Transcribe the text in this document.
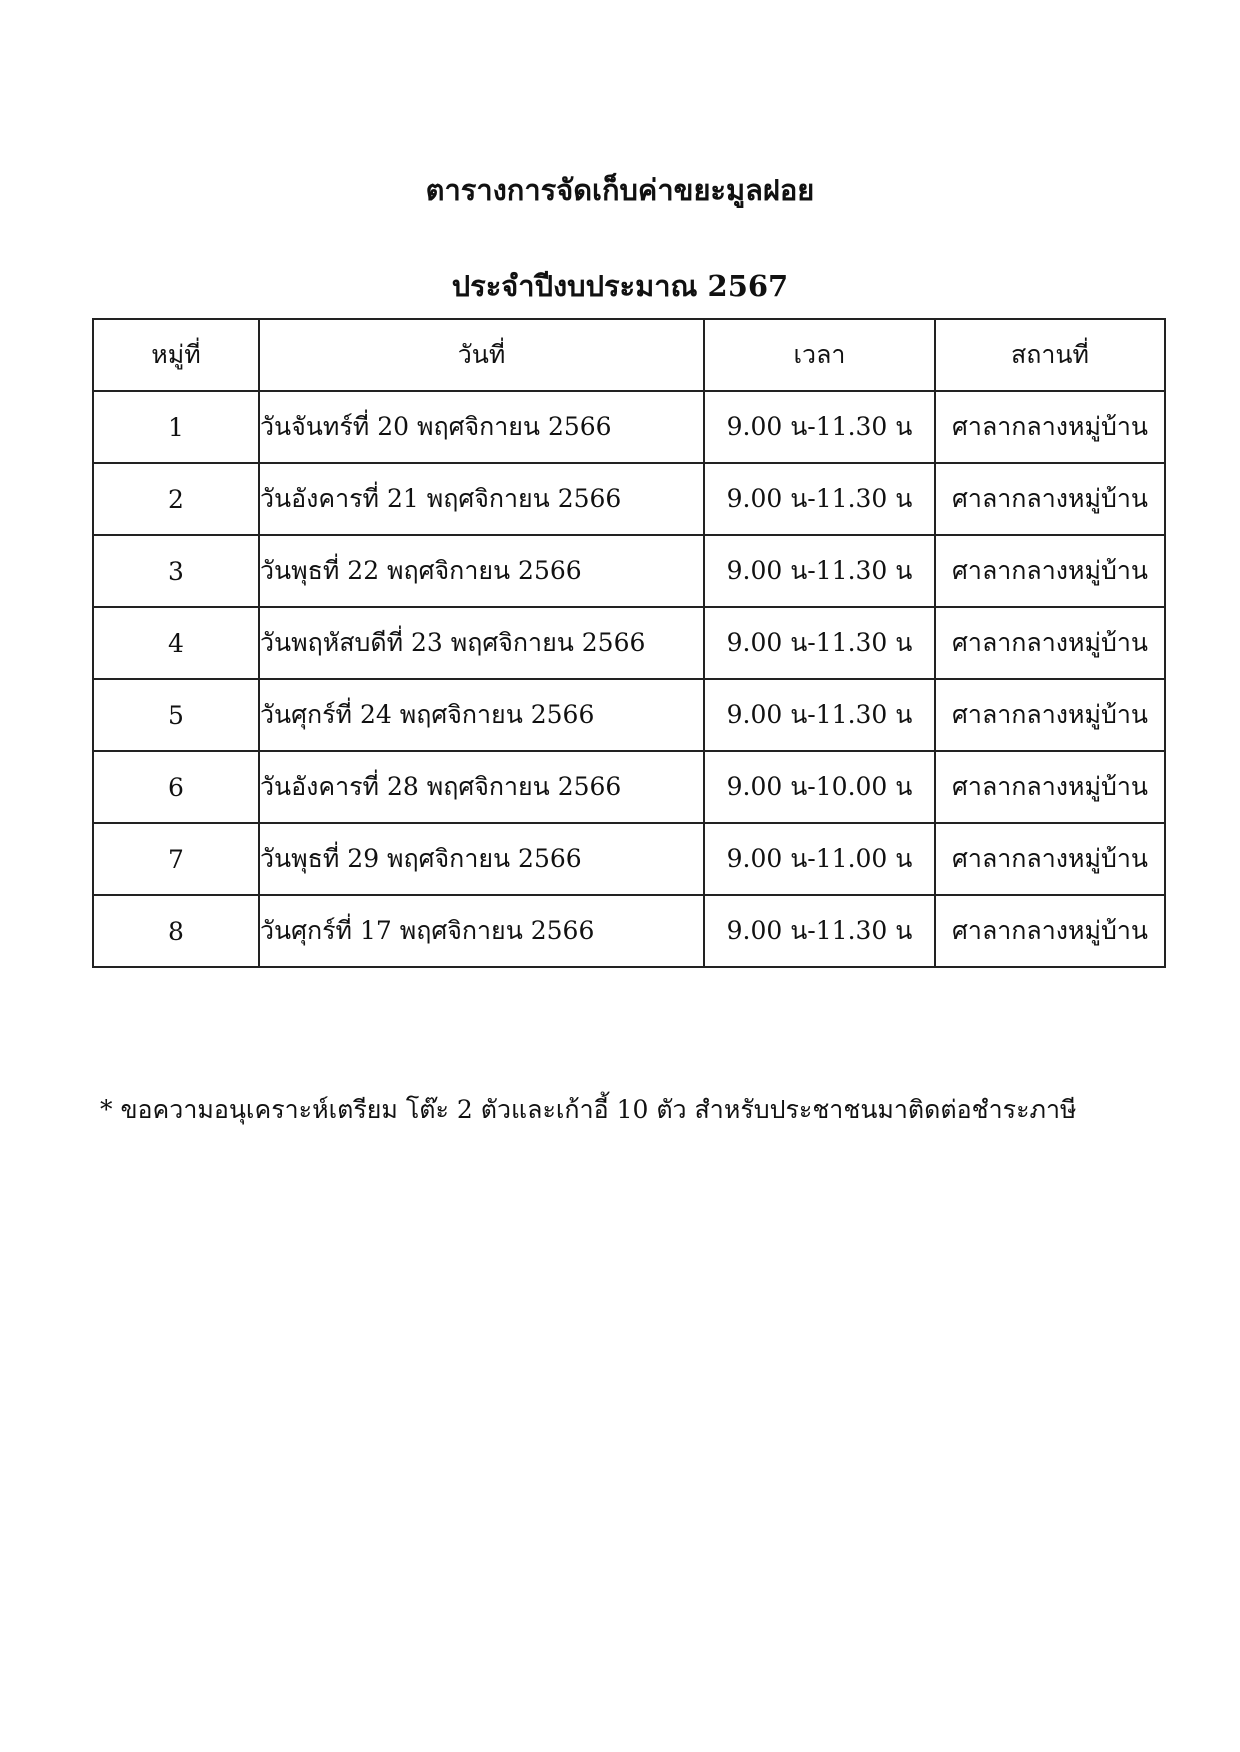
ตารางการจัดเก็บค่าขยะมูลฝอย
ประจำปีงบประมาณ 2567
หมู่ที่	วันที่	เวลา	สถานที่
1	วันจันทร์ที่ 20 พฤศจิกายน 2566	9.00 น-11.30 น	ศาลากลางหมู่บ้าน
2	วันอังคารที่ 21 พฤศจิกายน 2566	9.00 น-11.30 น	ศาลากลางหมู่บ้าน
3	วันพุธที่ 22 พฤศจิกายน 2566	9.00 น-11.30 น	ศาลากลางหมู่บ้าน
4	วันพฤหัสบดีที่ 23 พฤศจิกายน 2566	9.00 น-11.30 น	ศาลากลางหมู่บ้าน
5	วันศุกร์ที่ 24 พฤศจิกายน 2566	9.00 น-11.30 น	ศาลากลางหมู่บ้าน
6	วันอังคารที่ 28 พฤศจิกายน 2566	9.00 น-10.00 น	ศาลากลางหมู่บ้าน
7	วันพุธที่ 29 พฤศจิกายน 2566	9.00 น-11.00 น	ศาลากลางหมู่บ้าน
8	วันศุกร์ที่ 17 พฤศจิกายน 2566	9.00 น-11.30 น	ศาลากลางหมู่บ้าน

* ขอความอนุเคราะห์เตรียม โต๊ะ 2 ตัวและเก้าอี้ 10 ตัว สำหรับประชาชนมาติดต่อชำระภาษี
